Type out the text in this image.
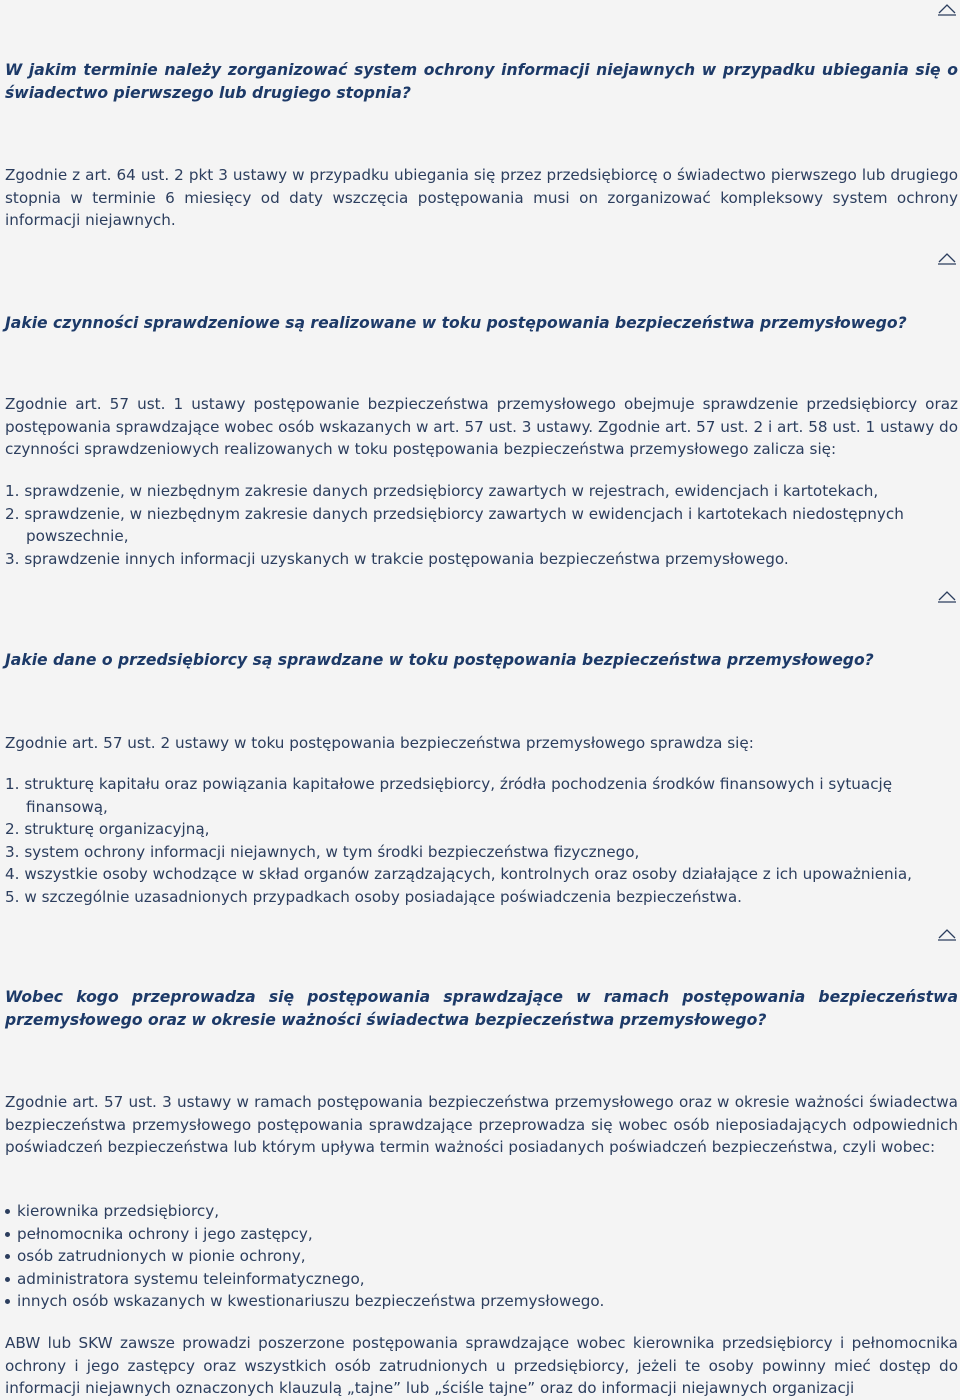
W jakim terminie należy zorganizować system ochrony informacji niejawnych w przypadku ubiegania się o świadectwo pierwszego lub drugiego stopnia?

Zgodnie z art. 64 ust. 2 pkt 3 ustawy w przypadku ubiegania się przez przedsiębiorcę o świadectwo pierwszego lub drugiego stopnia w terminie 6 miesięcy od daty wszczęcia postępowania musi on zorganizować kompleksowy system ochrony informacji niejawnych.

Jakie czynności sprawdzeniowe są realizowane w toku postępowania bezpieczeństwa przemysłowego?

Zgodnie art. 57 ust. 1 ustawy postępowanie bezpieczeństwa przemysłowego obejmuje sprawdzenie przedsiębiorcy oraz postępowania sprawdzające wobec osób wskazanych w art. 57 ust. 3 ustawy. Zgodnie art. 57 ust. 2 i art. 58 ust. 1 ustawy do czynności sprawdzeniowych realizowanych w toku postępowania bezpieczeństwa przemysłowego zalicza się:

1. sprawdzenie, w niezbędnym zakresie danych przedsiębiorcy zawartych w rejestrach, ewidencjach i kartotekach,
2. sprawdzenie, w niezbędnym zakresie danych przedsiębiorcy zawartych w ewidencjach i kartotekach niedostępnych powszechnie,
3. sprawdzenie innych informacji uzyskanych w trakcie postępowania bezpieczeństwa przemysłowego.

Jakie dane o przedsiębiorcy są sprawdzane w toku postępowania bezpieczeństwa przemysłowego?

Zgodnie art. 57 ust. 2 ustawy w toku postępowania bezpieczeństwa przemysłowego sprawdza się:

1. strukturę kapitału oraz powiązania kapitałowe przedsiębiorcy, źródła pochodzenia środków finansowych i sytuację finansową,
2. strukturę organizacyjną,
3. system ochrony informacji niejawnych, w tym środki bezpieczeństwa fizycznego,
4. wszystkie osoby wchodzące w skład organów zarządzających, kontrolnych oraz osoby działające z ich upoważnienia,
5. w szczególnie uzasadnionych przypadkach osoby posiadające poświadczenia bezpieczeństwa.

Wobec kogo przeprowadza się postępowania sprawdzające w ramach postępowania bezpieczeństwa przemysłowego oraz w okresie ważności świadectwa bezpieczeństwa przemysłowego?

Zgodnie art. 57 ust. 3 ustawy w ramach postępowania bezpieczeństwa przemysłowego oraz w okresie ważności świadectwa bezpieczeństwa przemysłowego postępowania sprawdzające przeprowadza się wobec osób nieposiadających odpowiednich poświadczeń bezpieczeństwa lub którym upływa termin ważności posiadanych poświadczeń bezpieczeństwa, czyli wobec:

kierownika przedsiębiorcy,
pełnomocnika ochrony i jego zastępcy,
osób zatrudnionych w pionie ochrony,
administratora systemu teleinformatycznego,
innych osób wskazanych w kwestionariuszu bezpieczeństwa przemysłowego.

ABW lub SKW zawsze prowadzi poszerzone postępowania sprawdzające wobec kierownika przedsiębiorcy i pełnomocnika ochrony i jego zastępcy oraz wszystkich osób zatrudnionych u przedsiębiorcy, jeżeli te osoby powinny mieć dostęp do informacji niejawnych oznaczonych klauzulą „tajne” lub „ściśle tajne” oraz do informacji niejawnych organizacji
